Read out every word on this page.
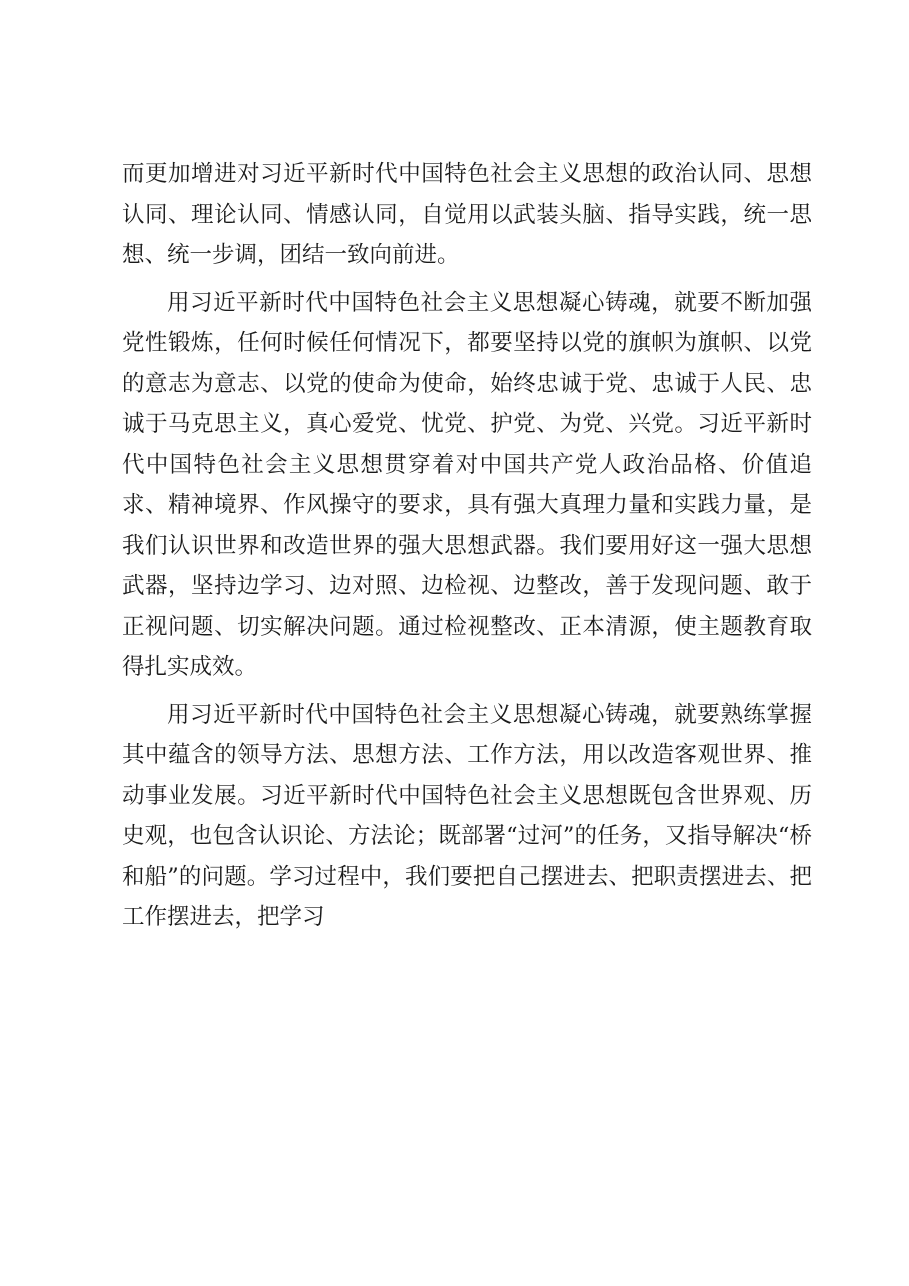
而更加增进对习近平新时代中国特色社会主义思想的政治认同、思想认同、理论认同、情感认同，自觉用以武装头脑、指导实践，统一思想、统一步调，团结一致向前进。

用习近平新时代中国特色社会主义思想凝心铸魂，就要不断加强党性锻炼，任何时候任何情况下，都要坚持以党的旗帜为旗帜、以党的意志为意志、以党的使命为使命，始终忠诚于党、忠诚于人民、忠诚于马克思主义，真心爱党、忧党、护党、为党、兴党。习近平新时代中国特色社会主义思想贯穿着对中国共产党人政治品格、价值追求、精神境界、作风操守的要求，具有强大真理力量和实践力量，是我们认识世界和改造世界的强大思想武器。我们要用好这一强大思想武器，坚持边学习、边对照、边检视、边整改，善于发现问题、敢于正视问题、切实解决问题。通过检视整改、正本清源，使主题教育取得扎实成效。

用习近平新时代中国特色社会主义思想凝心铸魂，就要熟练掌握其中蕴含的领导方法、思想方法、工作方法，用以改造客观世界、推动事业发展。习近平新时代中国特色社会主义思想既包含世界观、历史观，也包含认识论、方法论；既部署“过河”的任务，又指导解决“桥和船”的问题。学习过程中，我们要把自己摆进去、把职责摆进去、把工作摆进去，把学习
